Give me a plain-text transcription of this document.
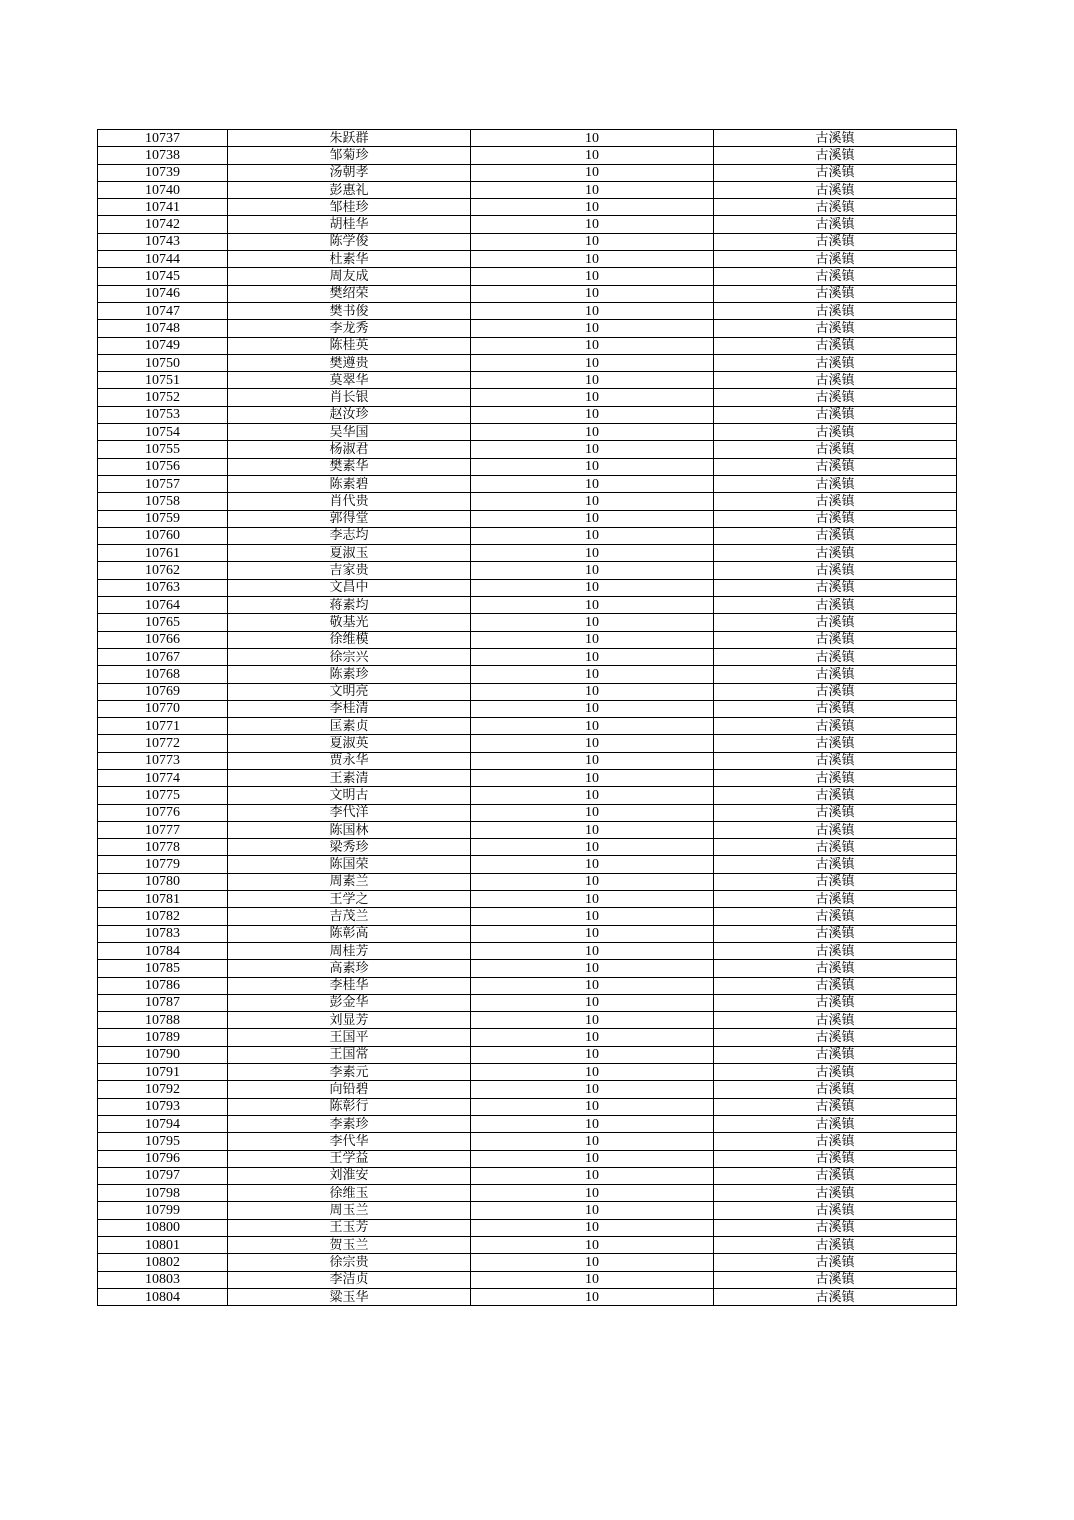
10737	朱跃群	10	古溪镇
10738	邹菊珍	10	古溪镇
10739	汤朝孝	10	古溪镇
10740	彭惠礼	10	古溪镇
10741	邹桂珍	10	古溪镇
10742	胡桂华	10	古溪镇
10743	陈学俊	10	古溪镇
10744	杜素华	10	古溪镇
10745	周友成	10	古溪镇
10746	樊绍荣	10	古溪镇
10747	樊书俊	10	古溪镇
10748	李龙秀	10	古溪镇
10749	陈桂英	10	古溪镇
10750	樊遵贵	10	古溪镇
10751	莫翠华	10	古溪镇
10752	肖长银	10	古溪镇
10753	赵汝珍	10	古溪镇
10754	吴华国	10	古溪镇
10755	杨淑君	10	古溪镇
10756	樊素华	10	古溪镇
10757	陈素碧	10	古溪镇
10758	肖代贵	10	古溪镇
10759	郭得堂	10	古溪镇
10760	李志均	10	古溪镇
10761	夏淑玉	10	古溪镇
10762	吉家贵	10	古溪镇
10763	文昌中	10	古溪镇
10764	蒋素均	10	古溪镇
10765	敬基光	10	古溪镇
10766	徐维模	10	古溪镇
10767	徐宗兴	10	古溪镇
10768	陈素珍	10	古溪镇
10769	文明亮	10	古溪镇
10770	李桂清	10	古溪镇
10771	匡素贞	10	古溪镇
10772	夏淑英	10	古溪镇
10773	贾永华	10	古溪镇
10774	王素清	10	古溪镇
10775	文明古	10	古溪镇
10776	李代洋	10	古溪镇
10777	陈国林	10	古溪镇
10778	梁秀珍	10	古溪镇
10779	陈国荣	10	古溪镇
10780	周素兰	10	古溪镇
10781	王学之	10	古溪镇
10782	吉茂兰	10	古溪镇
10783	陈彰高	10	古溪镇
10784	周桂芳	10	古溪镇
10785	高素珍	10	古溪镇
10786	李桂华	10	古溪镇
10787	彭金华	10	古溪镇
10788	刘显芳	10	古溪镇
10789	王国平	10	古溪镇
10790	王国常	10	古溪镇
10791	李素元	10	古溪镇
10792	向铅碧	10	古溪镇
10793	陈彰行	10	古溪镇
10794	李素珍	10	古溪镇
10795	李代华	10	古溪镇
10796	王学益	10	古溪镇
10797	刘淮安	10	古溪镇
10798	徐维玉	10	古溪镇
10799	周玉兰	10	古溪镇
10800	王玉芳	10	古溪镇
10801	贺玉兰	10	古溪镇
10802	徐宗贵	10	古溪镇
10803	李洁贞	10	古溪镇
10804	粱玉华	10	古溪镇
